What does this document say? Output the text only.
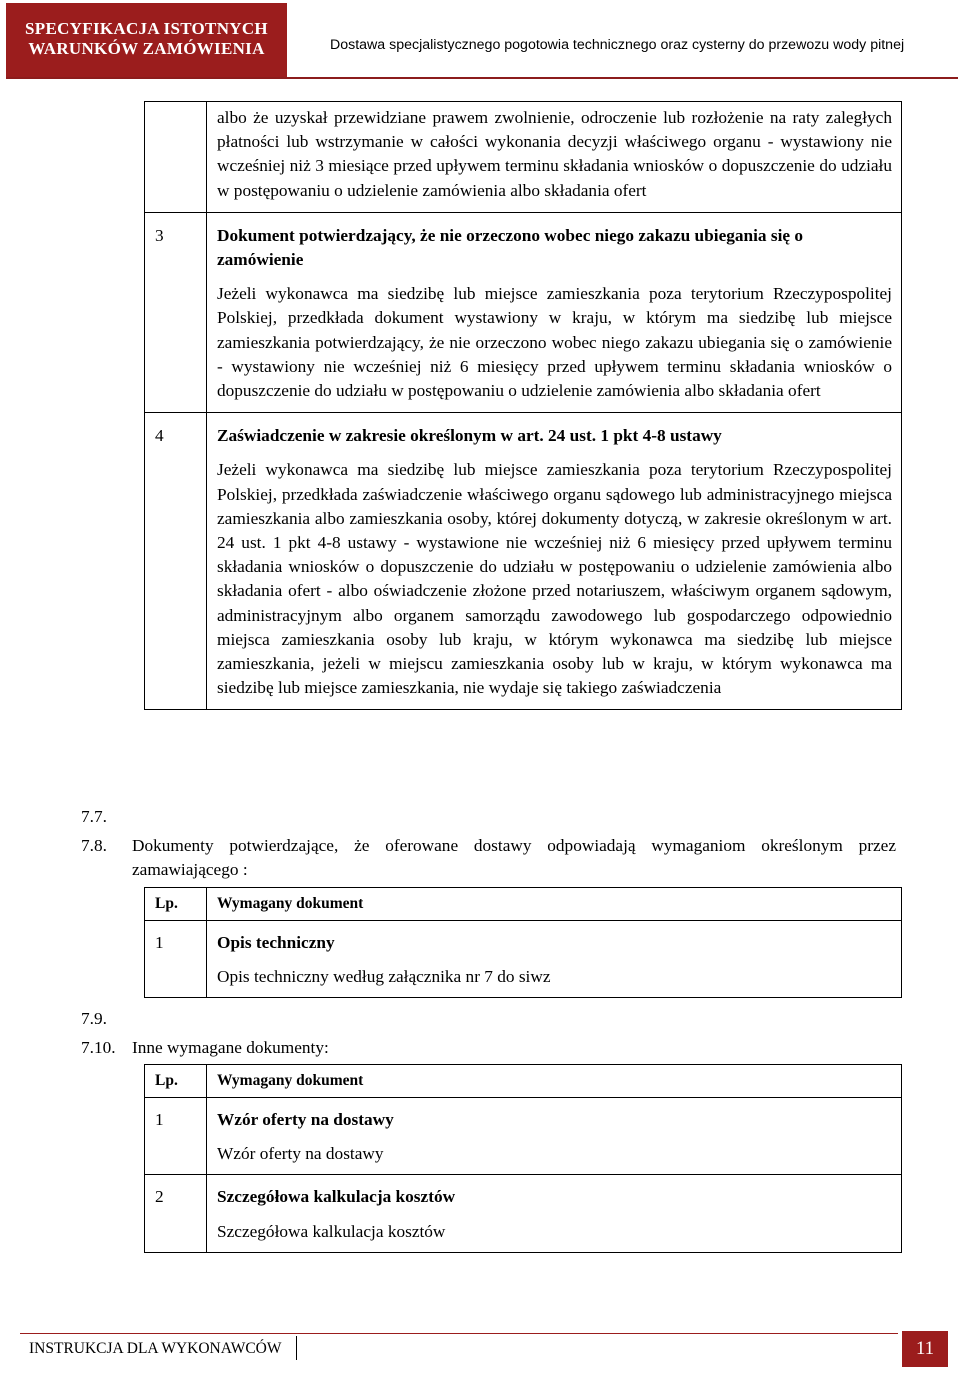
SPECYFIKACJA ISTOTNYCH
WARUNKÓW ZAMÓWIENIA	Dostawa specjalistycznego pogotowia technicznego oraz cysterny do przewozu wody pitnej

	albo że uzyskał przewidziane prawem zwolnienie, odroczenie lub rozłożenie na raty zaległych płatności lub wstrzymanie w całości wykonania decyzji właściwego organu - wystawiony nie wcześniej niż 3 miesiące przed upływem terminu składania wniosków o dopuszczenie do udziału w postępowaniu o udzielenie zamówienia albo składania ofert

3	Dokument potwierdzający, że nie orzeczono wobec niego zakazu ubiegania się o zamówienie

Jeżeli wykonawca ma siedzibę lub miejsce zamieszkania poza terytorium Rzeczypospolitej Polskiej, przedkłada dokument wystawiony w kraju, w którym ma siedzibę lub miejsce zamieszkania potwierdzający, że nie orzeczono wobec niego zakazu ubiegania się o zamówienie - wystawiony nie wcześniej niż 6 miesięcy przed upływem terminu składania wniosków o dopuszczenie do udziału w postępowaniu o udzielenie zamówienia albo składania ofert

4	Zaświadczenie w zakresie określonym w art. 24 ust. 1 pkt 4-8 ustawy

Jeżeli wykonawca ma siedzibę lub miejsce zamieszkania poza terytorium Rzeczypospolitej Polskiej, przedkłada zaświadczenie właściwego organu sądowego lub administracyjnego miejsca zamieszkania albo zamieszkania osoby, której dokumenty dotyczą, w zakresie określonym w art. 24 ust. 1 pkt 4-8 ustawy - wystawione nie wcześniej niż 6 miesięcy przed upływem terminu składania wniosków o dopuszczenie do udziału w postępowaniu o udzielenie zamówienia albo składania ofert - albo oświadczenie złożone przed notariuszem, właściwym organem sądowym, administracyjnym albo organem samorządu zawodowego lub gospodarczego odpowiednio miejsca zamieszkania osoby lub kraju, w którym wykonawca ma siedzibę lub miejsce zamieszkania, jeżeli w miejscu zamieszkania osoby lub w kraju, w którym wykonawca ma siedzibę lub miejsce zamieszkania, nie wydaje się takiego zaświadczenia

7.7.
7.8. Dokumenty potwierdzające, że oferowane dostawy odpowiadają wymaganiom określonym przez zamawiającego :
Lp.	Wymagany dokument
1	Opis techniczny

Opis techniczny według załącznika nr 7 do siwz

7.9.
7.10. Inne wymagane dokumenty:
Lp.	Wymagany dokument
1	Wzór oferty na dostawy

Wzór oferty na dostawy

2	Szczegółowa kalkulacja kosztów

Szczegółowa kalkulacja kosztów

INSTRUKCJA DLA WYKONAWCÓW	11
